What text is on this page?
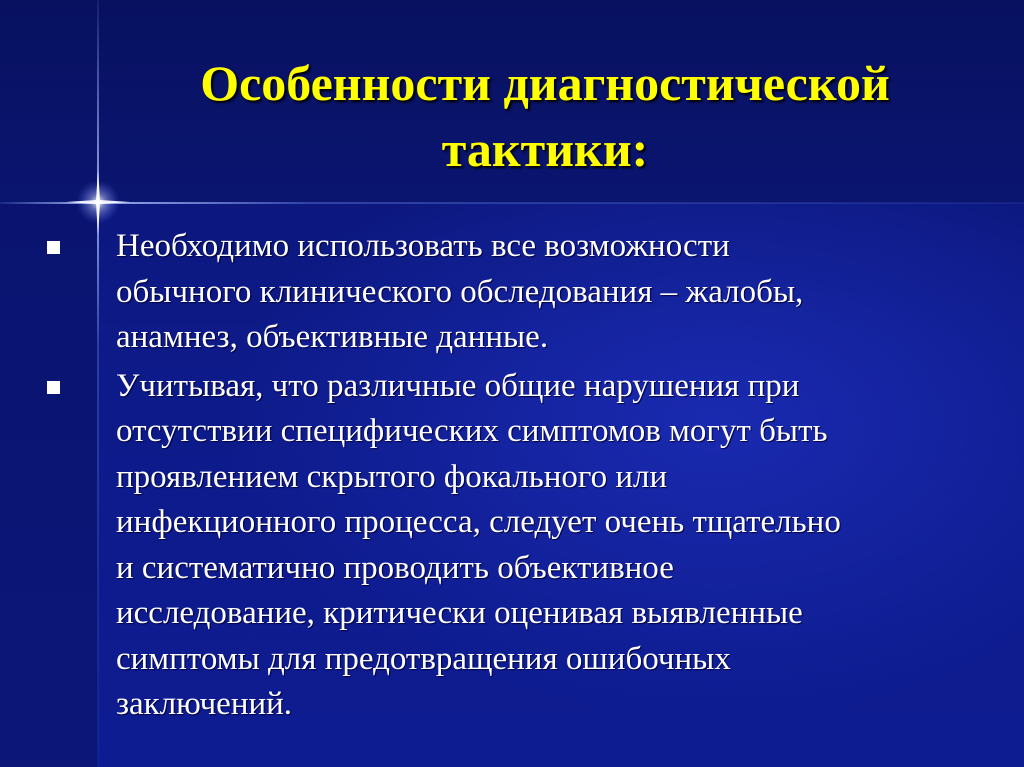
Особенности диагностической
тактики:
Необходимо использовать все возможности
обычного клинического обследования – жалобы,
анамнез, объективные данные.
Учитывая, что различные общие нарушения при
отсутствии специфических симптомов могут быть
проявлением скрытого фокального или
инфекционного процесса, следует очень тщательно
и систематично проводить объективное
исследование, критически оценивая выявленные
симптомы для предотвращения ошибочных
заключений.
